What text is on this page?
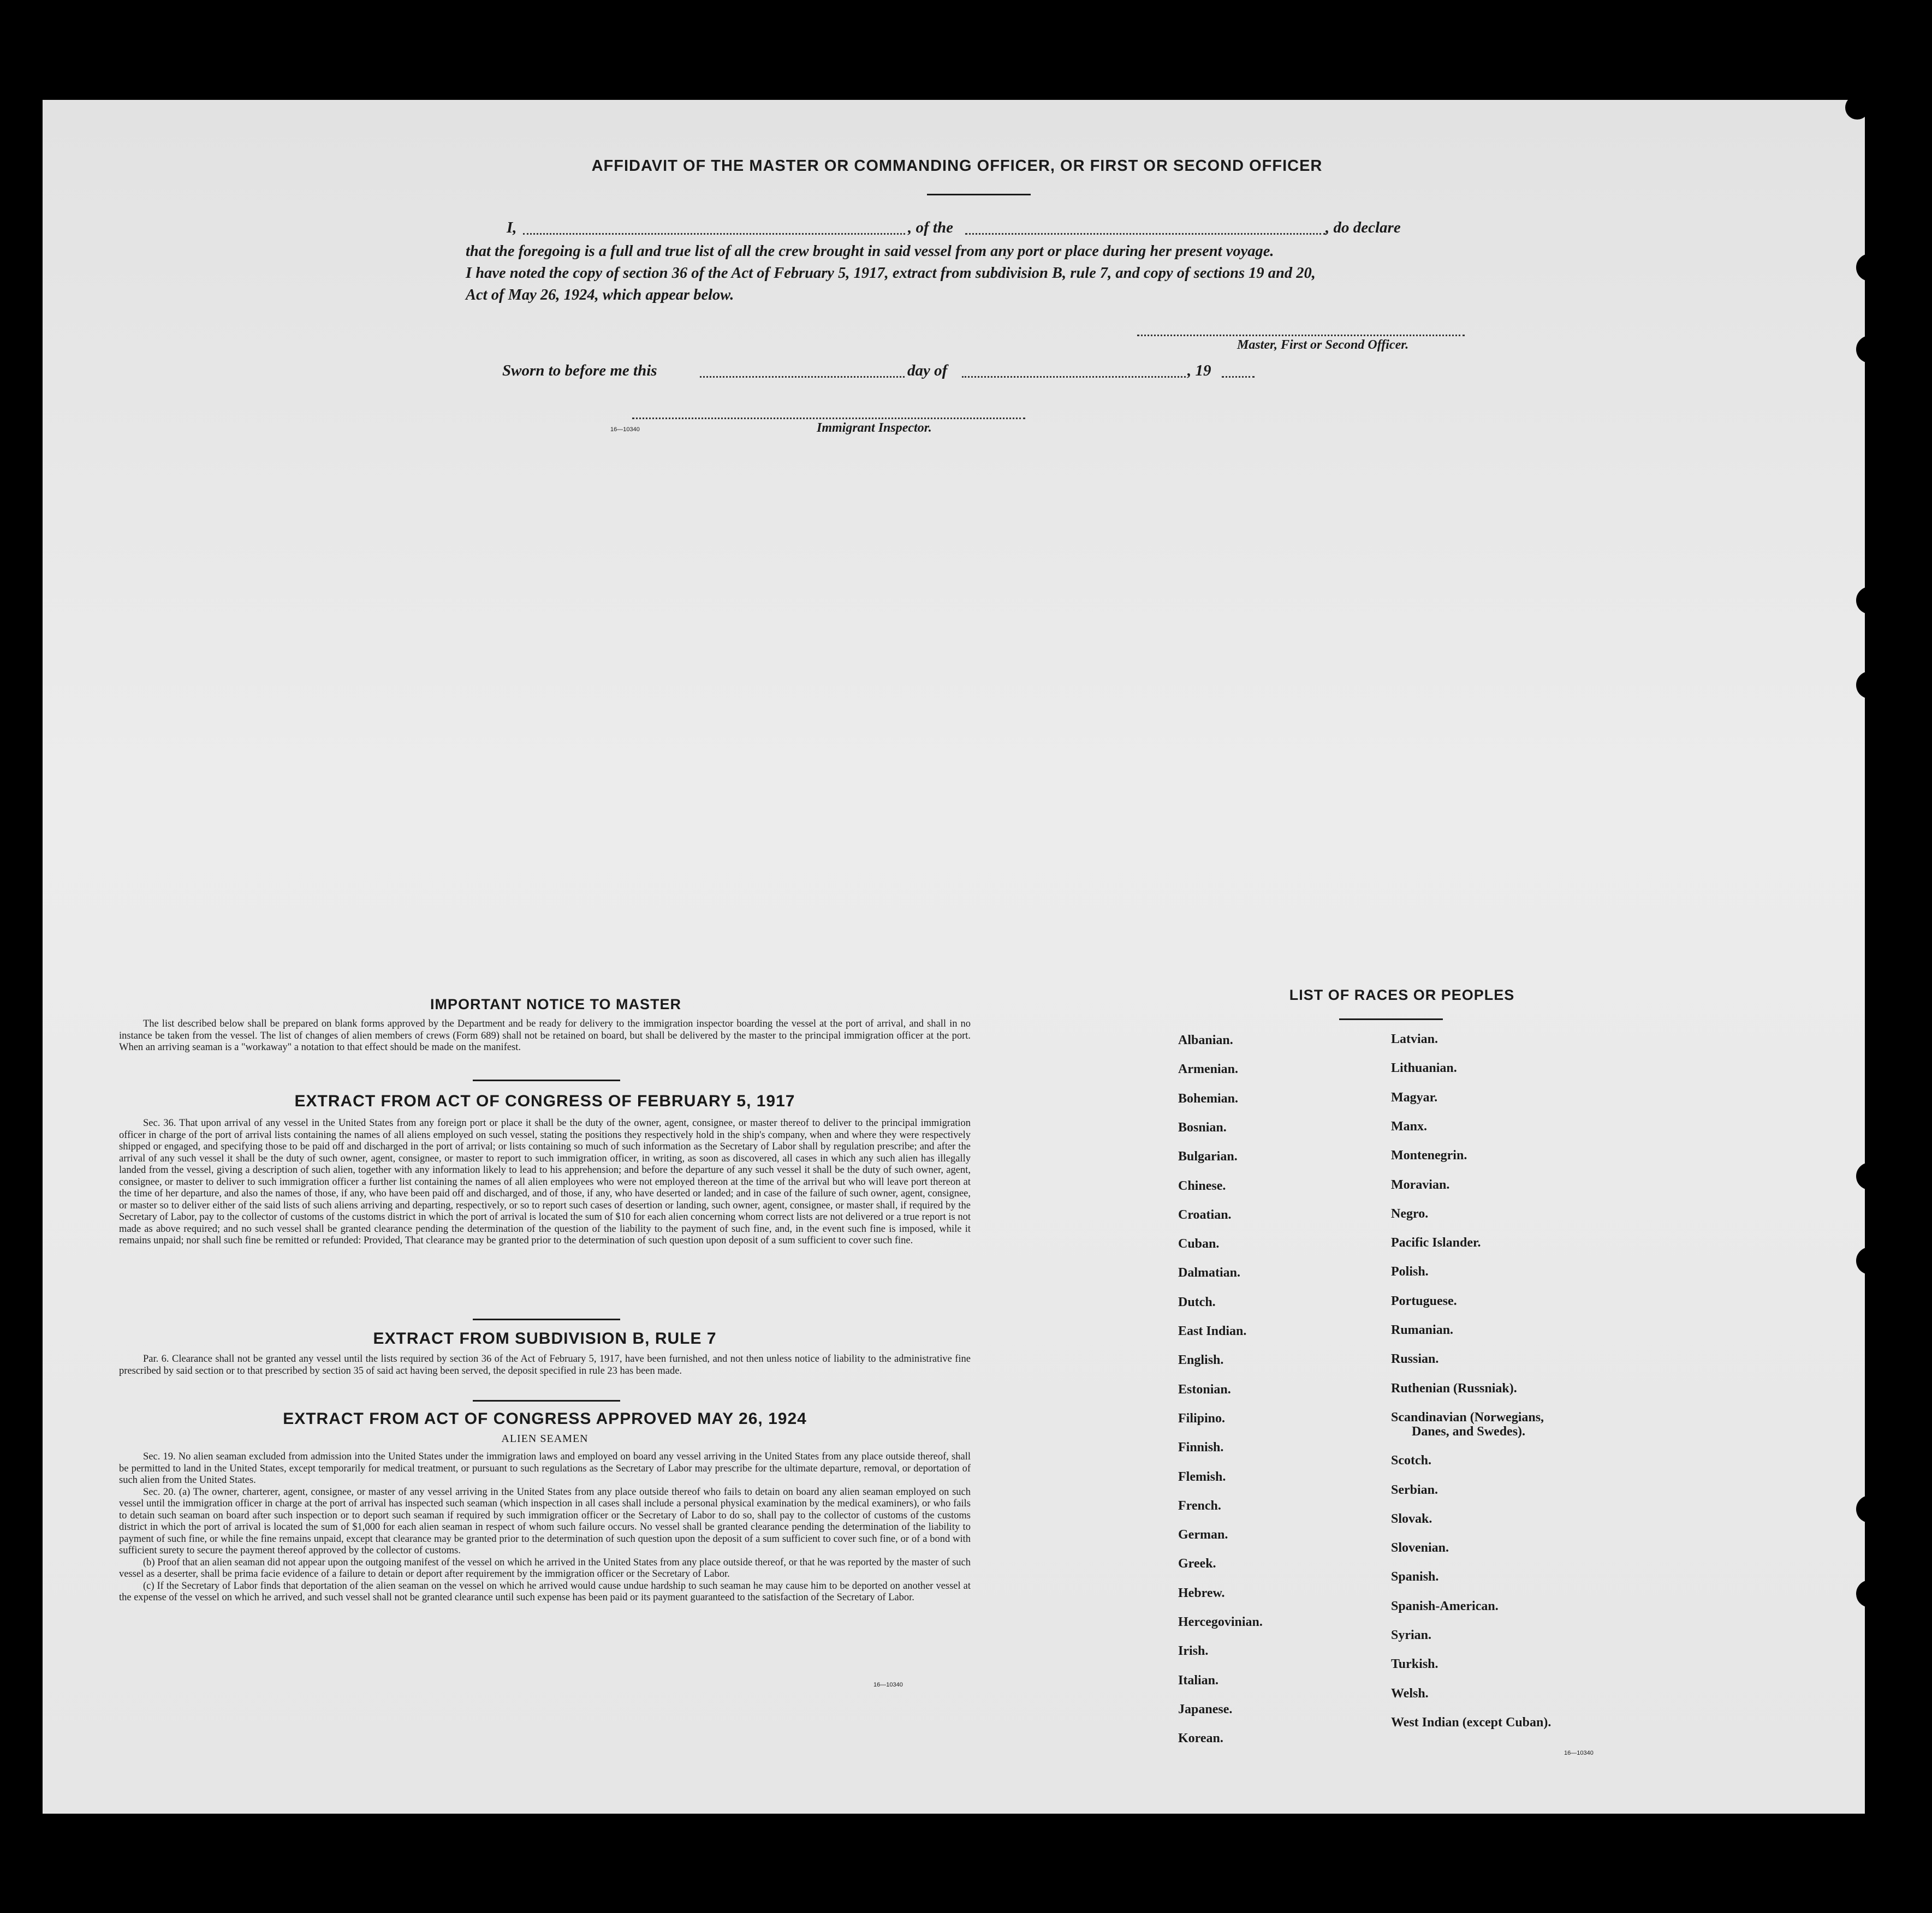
AFFIDAVIT OF THE MASTER OR COMMANDING OFFICER, OR FIRST OR SECOND OFFICER
I,	, of the	, do declare
that the foregoing is a full and true list of all the crew brought in said vessel from any port or place during her present voyage.
I have noted the copy of section 36 of the Act of February 5, 1917, extract from subdivision B, rule 7, and copy of sections 19 and 20,
Act of May 26, 1924, which appear below.
Master, First or Second Officer.
Sworn to before me this	day of	, 19
16—10340	Immigrant Inspector.
IMPORTANT NOTICE TO MASTER
The list described below shall be prepared on blank forms approved by the Department and be ready for delivery to the immigration inspector boarding the vessel at the port of arrival, and shall in no instance be taken from the vessel. The list of changes of alien members of crews (Form 689) shall not be retained on board, but shall be delivered by the master to the principal immigration officer at the port. When an arriving seaman is a "workaway" a notation to that effect should be made on the manifest.
EXTRACT FROM ACT OF CONGRESS OF FEBRUARY 5, 1917
Sec. 36. That upon arrival of any vessel in the United States from any foreign port or place it shall be the duty of the owner, agent, consignee, or master thereof to deliver to the principal immigration officer in charge of the port of arrival lists containing the names of all aliens employed on such vessel, stating the positions they respectively hold in the ship's company, when and where they were respectively shipped or engaged, and specifying those to be paid off and discharged in the port of arrival; or lists containing so much of such information as the Secretary of Labor shall by regulation prescribe; and after the arrival of any such vessel it shall be the duty of such owner, agent, consignee, or master to report to such immigration officer, in writing, as soon as discovered, all cases in which any such alien has illegally landed from the vessel, giving a description of such alien, together with any information likely to lead to his apprehension; and before the departure of any such vessel it shall be the duty of such owner, agent, consignee, or master to deliver to such immigration officer a further list containing the names of all alien employees who were not employed thereon at the time of the arrival but who will leave port thereon at the time of her departure, and also the names of those, if any, who have been paid off and discharged, and of those, if any, who have deserted or landed; and in case of the failure of such owner, agent, consignee, or master so to deliver either of the said lists of such aliens arriving and departing, respectively, or so to report such cases of desertion or landing, such owner, agent, consignee, or master shall, if required by the Secretary of Labor, pay to the collector of customs of the customs district in which the port of arrival is located the sum of $10 for each alien concerning whom correct lists are not delivered or a true report is not made as above required; and no such vessel shall be granted clearance pending the determination of the question of the liability to the payment of such fine, and, in the event such fine is imposed, while it remains unpaid; nor shall such fine be remitted or refunded: Provided, That clearance may be granted prior to the determination of such question upon deposit of a sum sufficient to cover such fine.
EXTRACT FROM SUBDIVISION B, RULE 7
Par. 6. Clearance shall not be granted any vessel until the lists required by section 36 of the Act of February 5, 1917, have been furnished, and not then unless notice of liability to the administrative fine prescribed by said section or to that prescribed by section 35 of said act having been served, the deposit specified in rule 23 has been made.
EXTRACT FROM ACT OF CONGRESS APPROVED MAY 26, 1924
ALIEN SEAMEN
Sec. 19. No alien seaman excluded from admission into the United States under the immigration laws and employed on board any vessel arriving in the United States from any place outside thereof, shall be permitted to land in the United States, except temporarily for medical treatment, or pursuant to such regulations as the Secretary of Labor may prescribe for the ultimate departure, removal, or deportation of such alien from the United States.
Sec. 20. (a) The owner, charterer, agent, consignee, or master of any vessel arriving in the United States from any place outside thereof who fails to detain on board any alien seaman employed on such vessel until the immigration officer in charge at the port of arrival has inspected such seaman (which inspection in all cases shall include a personal physical examination by the medical examiners), or who fails to detain such seaman on board after such inspection or to deport such seaman if required by such immigration officer or the Secretary of Labor to do so, shall pay to the collector of customs of the customs district in which the port of arrival is located the sum of $1,000 for each alien seaman in respect of whom such failure occurs. No vessel shall be granted clearance pending the determination of the liability to payment of such fine, or while the fine remains unpaid, except that clearance may be granted prior to the determination of such question upon the deposit of a sum sufficient to cover such fine, or of a bond with sufficient surety to secure the payment thereof approved by the collector of customs.
(b) Proof that an alien seaman did not appear upon the outgoing manifest of the vessel on which he arrived in the United States from any place outside thereof, or that he was reported by the master of such vessel as a deserter, shall be prima facie evidence of a failure to detain or deport after requirement by the immigration officer or the Secretary of Labor.
(c) If the Secretary of Labor finds that deportation of the alien seaman on the vessel on which he arrived would cause undue hardship to such seaman he may cause him to be deported on another vessel at the expense of the vessel on which he arrived, and such vessel shall not be granted clearance until such expense has been paid or its payment guaranteed to the satisfaction of the Secretary of Labor.
16—10340
LIST OF RACES OR PEOPLES
Albanian.
Armenian.
Bohemian.
Bosnian.
Bulgarian.
Chinese.
Croatian.
Cuban.
Dalmatian.
Dutch.
East Indian.
English.
Estonian.
Filipino.
Finnish.
Flemish.
French.
German.
Greek.
Hebrew.
Hercegovinian.
Irish.
Italian.
Japanese.
Korean.
Latvian.
Lithuanian.
Magyar.
Manx.
Montenegrin.
Moravian.
Negro.
Pacific Islander.
Polish.
Portuguese.
Rumanian.
Russian.
Ruthenian (Russniak).
Scandinavian (Norwegians,
Danes, and Swedes).
Scotch.
Serbian.
Slovak.
Slovenian.
Spanish.
Spanish-American.
Syrian.
Turkish.
Welsh.
West Indian (except Cuban).
16—10340
